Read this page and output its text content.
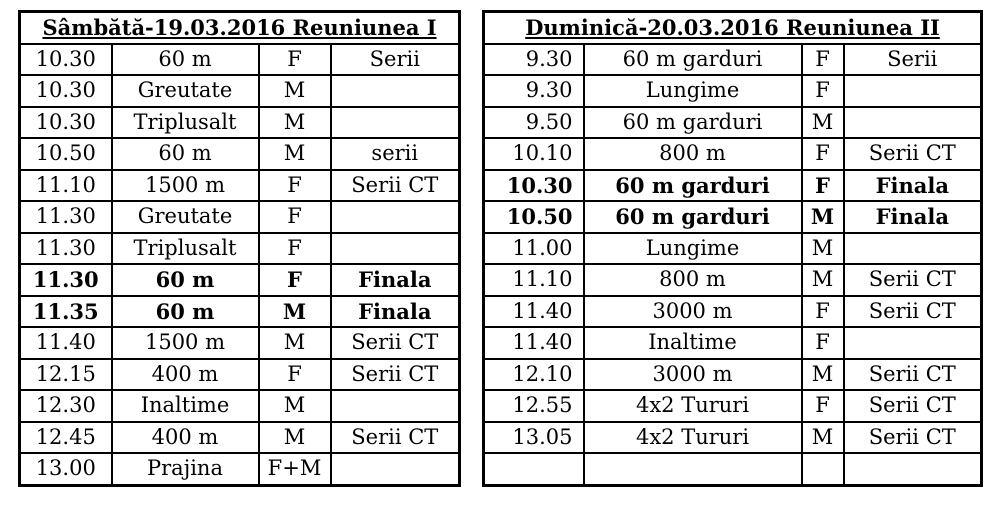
Sâmbătă-19.03.2016 Reuniunea I			
10.30	60 m	F	Serii
10.30	Greutate	M	
10.30	Triplusalt	M	
10.50	60 m	M	serii
11.10	1500 m	F	Serii CT
11.30	Greutate	F	
11.30	Triplusalt	F	
11.30	60 m	F	Finala
11.35	60 m	M	Finala
11.40	1500 m	M	Serii CT
12.15	400 m	F	Serii CT
12.30	Inaltime	M	
12.45	400 m	M	Serii CT
13.00	Prajina	F+M	
Duminică-20.03.2016 Reuniunea II			
9.30	60 m garduri	F	Serii
9.30	Lungime	F	
9.50	60 m garduri	M	
10.10	800 m	F	Serii CT
10.30	60 m garduri	F	Finala
10.50	60 m garduri	M	Finala
11.00	Lungime	M	
11.10	800 m	M	Serii CT
11.40	3000 m	F	Serii CT
11.40	Inaltime	F	
12.10	3000 m	M	Serii CT
12.55	4x2 Tururi	F	Serii CT
13.05	4x2 Tururi	M	Serii CT
